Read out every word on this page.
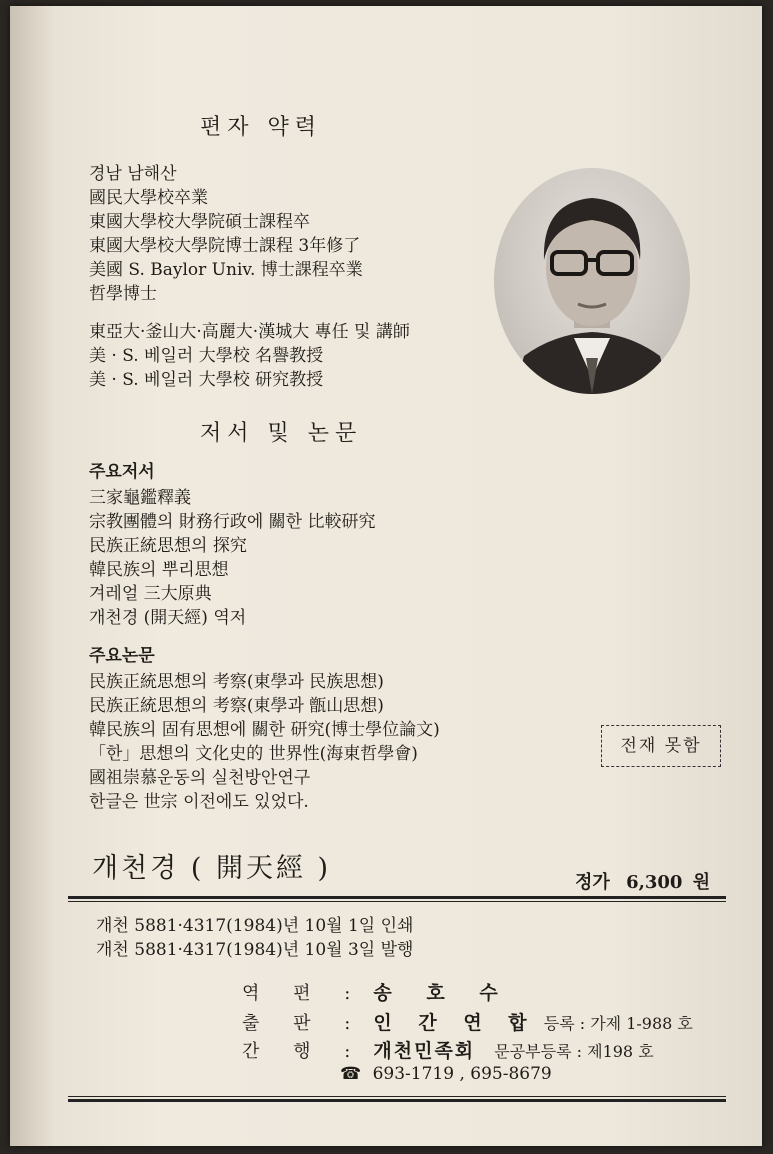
편자 약력
경남 남해산
國民大學校卒業
東國大學校大學院碩士課程卒
東國大學校大學院博士課程 3年修了
美國 S. Baylor Univ. 博士課程卒業
哲學博士
東亞大·釜山大·高麗大·漢城大 專任 및 講師
美 · S. 베일러 大學校 名譽教授
美 · S. 베일러 大學校 研究教授
저서 및 논문
주요저서
三家龜鑑釋義
宗教團體의 財務行政에 關한 比較研究
民族正統思想의 探究
韓民族의 뿌리思想
겨레얼 三大原典
개천경 (開天經) 역저
주요논문
民族正統思想의 考察(東學과 民族思想)
民族正統思想의 考察(東學과 甑山思想)
韓民族의 固有思想에 關한 研究(博士學位論文)
「한」思想의 文化史的 世界性(海東哲學會)
國祖崇慕운동의 실천방안연구
한글은 世宗 이전에도 있었다.
전재 못함
개천경 ( 開天經 )	정가 6,300 원
개천 5881·4317(1984)년 10월 1일 인쇄
개천 5881·4317(1984)년 10월 3일 발행
역 편 : 송 호 수
출 판 : 인 간 연 합 등록 : 가제 1-988 호
간 행 : 개천민족회 문공부등록 : 제198 호
☎ 693-1719 , 695-8679
